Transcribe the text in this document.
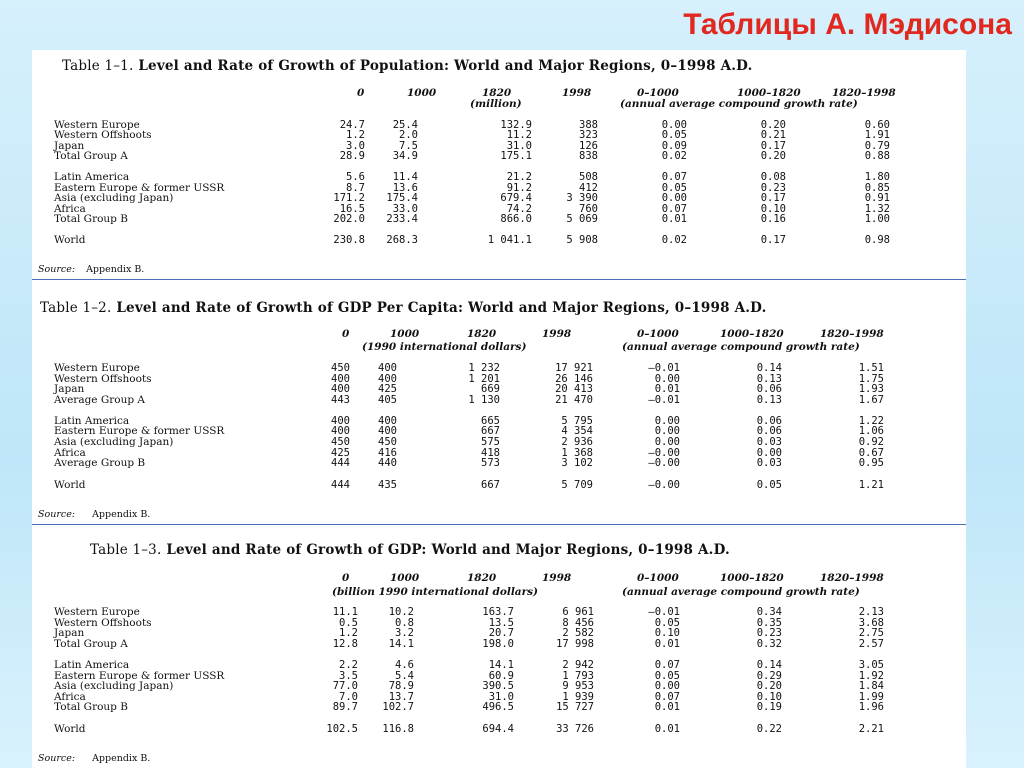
Таблицы А. Мэдисона
Table 1–1. Level and Rate of Growth of Population: World and Major Regions, 0–1998 A.D.
0	1000	1820	1998	0–1000	1000–1820	1820–1998
(million)	(annual average compound growth rate)
Western Europe	24.7	25.4	132.9	388	0.00	0.20	0.60
Western Offshoots	1.2	2.0	11.2	323	0.05	0.21	1.91
Japan	3.0	7.5	31.0	126	0.09	0.17	0.79
Total Group A	28.9	34.9	175.1	838	0.02	0.20	0.88
Latin America	5.6	11.4	21.2	508	0.07	0.08	1.80
Eastern Europe & former USSR	8.7	13.6	91.2	412	0.05	0.23	0.85
Asia (excluding Japan)	171.2	175.4	679.4	3 390	0.00	0.17	0.91
Africa	16.5	33.0	74.2	760	0.07	0.10	1.32
Total Group B	202.0	233.4	866.0	5 069	0.01	0.16	1.00
World	230.8	268.3	1 041.1	5 908	0.02	0.17	0.98
Source: Appendix B.
Table 1–2. Level and Rate of Growth of GDP Per Capita: World and Major Regions, 0–1998 A.D.
0	1000	1820	1998	0–1000	1000–1820	1820–1998
(1990 international dollars)	(annual average compound growth rate)
Western Europe	450	400	1 232	17 921	–0.01	0.14	1.51
Western Offshoots	400	400	1 201	26 146	0.00	0.13	1.75
Japan	400	425	669	20 413	0.01	0.06	1.93
Average Group A	443	405	1 130	21 470	–0.01	0.13	1.67
Latin America	400	400	665	5 795	0.00	0.06	1.22
Eastern Europe & former USSR	400	400	667	4 354	0.00	0.06	1.06
Asia (excluding Japan)	450	450	575	2 936	0.00	0.03	0.92
Africa	425	416	418	1 368	–0.00	0.00	0.67
Average Group B	444	440	573	3 102	–0.00	0.03	0.95
World	444	435	667	5 709	–0.00	0.05	1.21
Source: Appendix B.
Table 1–3. Level and Rate of Growth of GDP: World and Major Regions, 0–1998 A.D.
0	1000	1820	1998	0–1000	1000–1820	1820–1998
(billion 1990 international dollars)	(annual average compound growth rate)
Western Europe	11.1	10.2	163.7	6 961	–0.01	0.34	2.13
Western Offshoots	0.5	0.8	13.5	8 456	0.05	0.35	3.68
Japan	1.2	3.2	20.7	2 582	0.10	0.23	2.75
Total Group A	12.8	14.1	198.0	17 998	0.01	0.32	2.57
Latin America	2.2	4.6	14.1	2 942	0.07	0.14	3.05
Eastern Europe & former USSR	3.5	5.4	60.9	1 793	0.05	0.29	1.92
Asia (excluding Japan)	77.0	78.9	390.5	9 953	0.00	0.20	1.84
Africa	7.0	13.7	31.0	1 939	0.07	0.10	1.99
Total Group B	89.7	102.7	496.5	15 727	0.01	0.19	1.96
World	102.5	116.8	694.4	33 726	0.01	0.22	2.21
Source: Appendix B.
